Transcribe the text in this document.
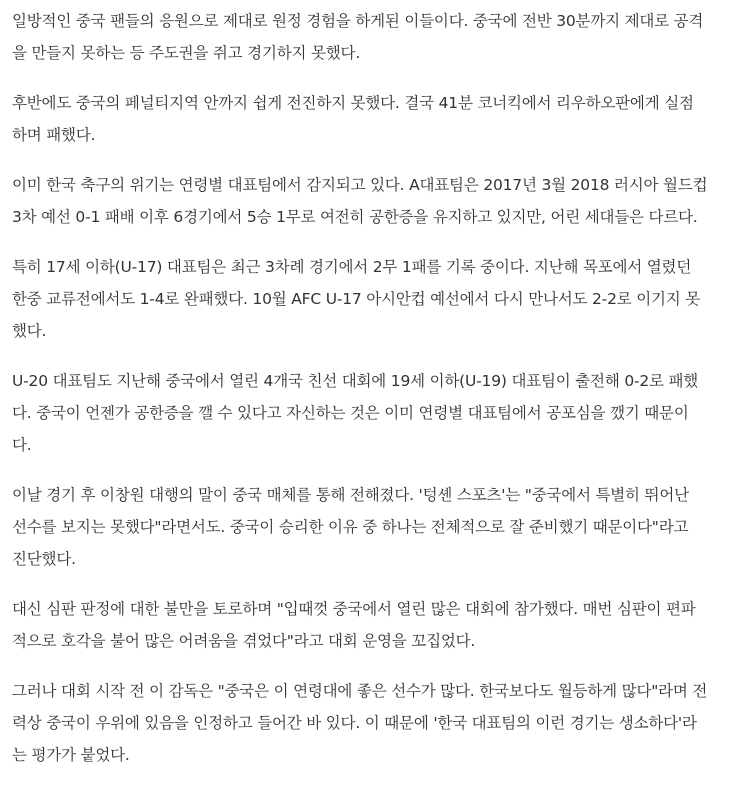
일방적인 중국 팬들의 응원으로 제대로 원정 경험을 하게된 이들이다. 중국에 전반 30분까지 제대로 공격
을 만들지 못하는 등 주도권을 쥐고 경기하지 못했다.

후반에도 중국의 페널티지역 안까지 쉽게 전진하지 못했다. 결국 41분 코너킥에서 리우하오판에게 실점
하며 패했다.

이미 한국 축구의 위기는 연령별 대표팀에서 감지되고 있다. A대표팀은 2017년 3월 2018 러시아 월드컵
3차 예선 0-1 패배 이후 6경기에서 5승 1무로 여전히 공한증을 유지하고 있지만, 어린 세대들은 다르다.

특히 17세 이하(U-17) 대표팀은 최근 3차례 경기에서 2무 1패를 기록 중이다. 지난해 목포에서 열렸던
한중 교류전에서도 1-4로 완패했다. 10월 AFC U-17 아시안컵 예선에서 다시 만나서도 2-2로 이기지 못
했다.

U-20 대표팀도 지난해 중국에서 열린 4개국 친선 대회에 19세 이하(U-19) 대표팀이 출전해 0-2로 패했
다. 중국이 언젠가 공한증을 깰 수 있다고 자신하는 것은 이미 연령별 대표팀에서 공포심을 깼기 때문이
다.

이날 경기 후 이창원 대행의 말이 중국 매체를 통해 전해졌다. '텅셴 스포츠'는 "중국에서 특별히 뛰어난
선수를 보지는 못했다"라면서도. 중국이 승리한 이유 중 하나는 전체적으로 잘 준비했기 때문이다"라고
진단했다.

대신 심판 판정에 대한 불만을 토로하며 "입때껏 중국에서 열린 많은 대회에 참가했다. 매번 심판이 편파
적으로 호각을 불어 많은 어려움을 겪었다"라고 대회 운영을 꼬집었다.

그러나 대회 시작 전 이 감독은 "중국은 이 연령대에 좋은 선수가 많다. 한국보다도 월등하게 많다"라며 전
력상 중국이 우위에 있음을 인정하고 들어간 바 있다. 이 때문에 '한국 대표팀의 이런 경기는 생소하다'라
는 평가가 붙었다.
